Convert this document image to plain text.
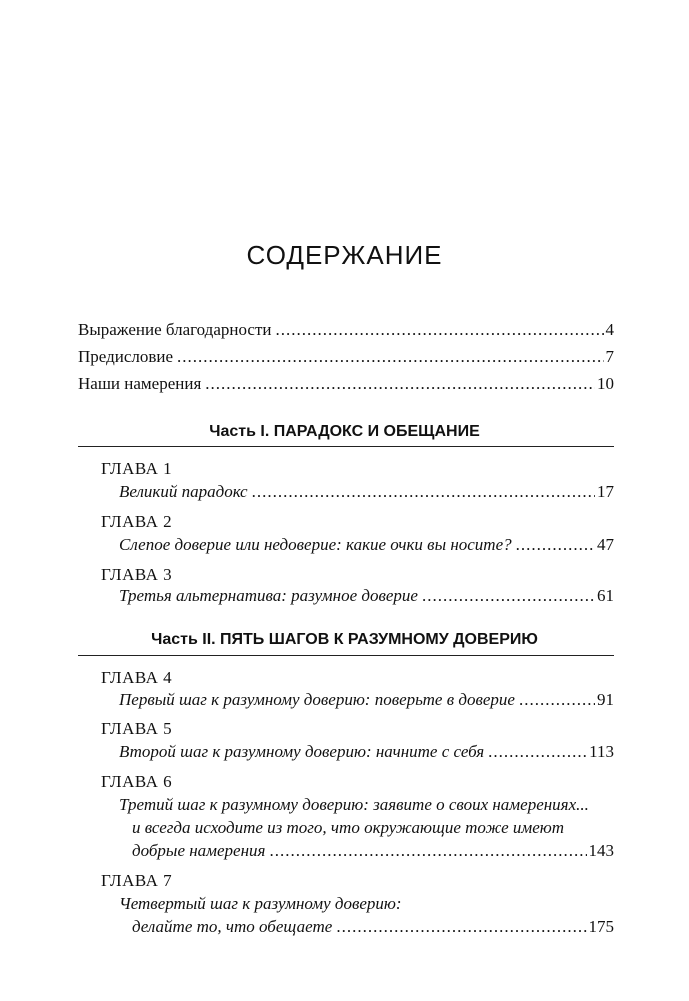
СОДЕРЖАНИЕ
Выражение благодарности .....	4
Предисловие .....	7
Наши намерения .....	10
Часть I. ПАРАДОКС И ОБЕЩАНИЕ
ГЛАВА 1
Великий парадокс .....	17
ГЛАВА 2
Слепое доверие или недоверие: какие очки вы носите? .....	47
ГЛАВА 3
Третья альтернатива: разумное доверие .....	61
Часть II. ПЯТЬ ШАГОВ К РАЗУМНОМУ ДОВЕРИЮ
ГЛАВА 4
Первый шаг к разумному доверию: поверьте в доверие .....	91
ГЛАВА 5
Второй шаг к разумному доверию: начните с себя .....	113
ГЛАВА 6
Третий шаг к разумному доверию: заявите о своих намерениях...
и всегда исходите из того, что окружающие тоже имеют
добрые намерения .....	143
ГЛАВА 7
Четвертый шаг к разумному доверию:
делайте то, что обещаете .....	175
